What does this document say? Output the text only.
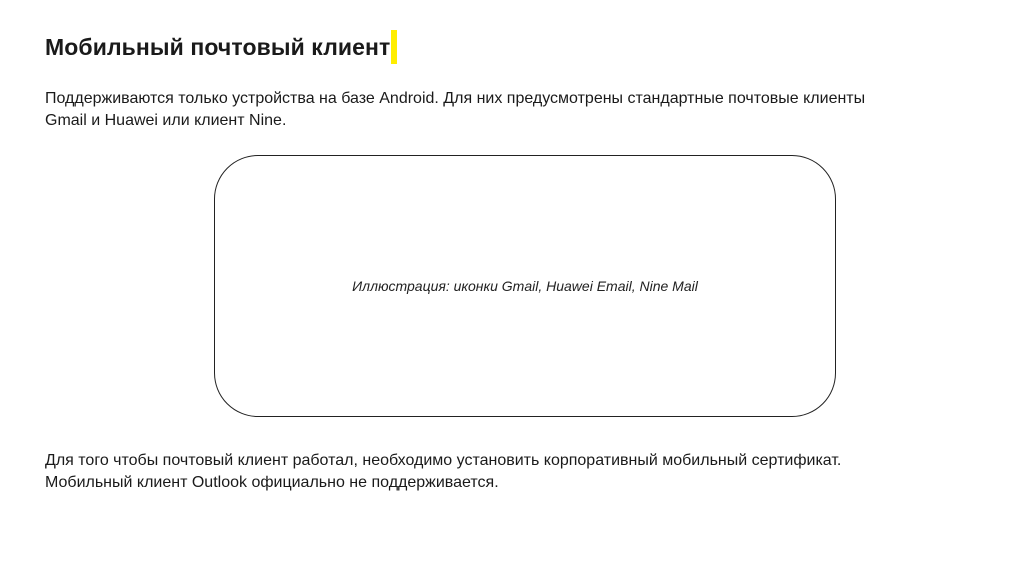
Мобильный почтовый клиент
Поддерживаются только устройства на базе Android. Для них предусмотрены стандартные почтовые клиенты
Gmail и Huawei или клиент Nine.
Иллюстрация: иконки Gmail, Huawei Email, Nine Mail
Для того чтобы почтовый клиент работал, необходимо установить корпоративный мобильный сертификат.
Мобильный клиент Outlook официально не поддерживается.
